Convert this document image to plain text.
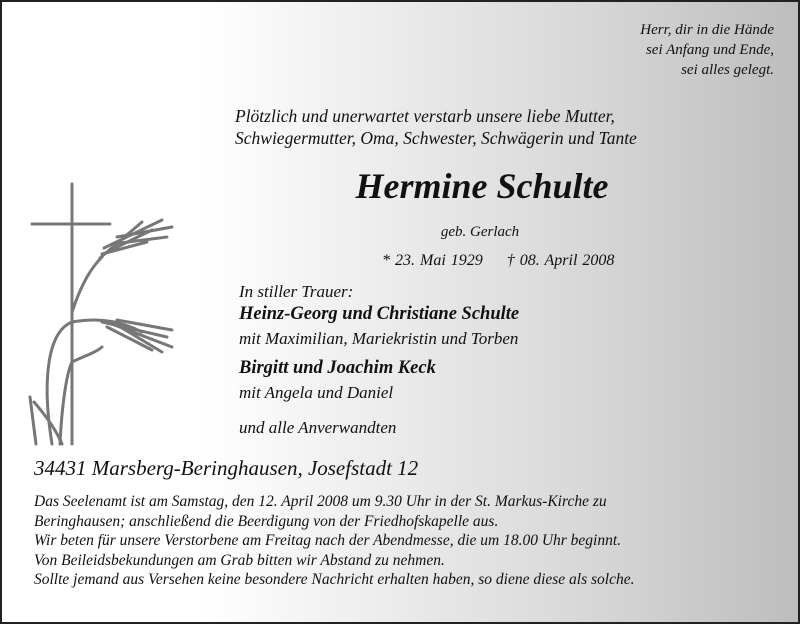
Herr, dir in die Hände
sei Anfang und Ende,
sei alles gelegt.
Plötzlich und unerwartet verstarb unsere liebe Mutter,
Schwiegermutter, Oma, Schwester, Schwägerin und Tante
Hermine Schulte
geb. Gerlach
* 23. Mai 1929 † 08. April 2008
In stiller Trauer:
Heinz-Georg und Christiane Schulte
mit Maximilian, Mariekristin und Torben
Birgitt und Joachim Keck
mit Angela und Daniel
und alle Anverwandten
34431 Marsberg-Beringhausen, Josefstadt 12
Das Seelenamt ist am Samstag, den 12. April 2008 um 9.30 Uhr in der St. Markus-Kirche zu
Beringhausen; anschließend die Beerdigung von der Friedhofskapelle aus.
Wir beten für unsere Verstorbene am Freitag nach der Abendmesse, die um 18.00 Uhr beginnt.
Von Beileidsbekundungen am Grab bitten wir Abstand zu nehmen.
Sollte jemand aus Versehen keine besondere Nachricht erhalten haben, so diene diese als solche.
